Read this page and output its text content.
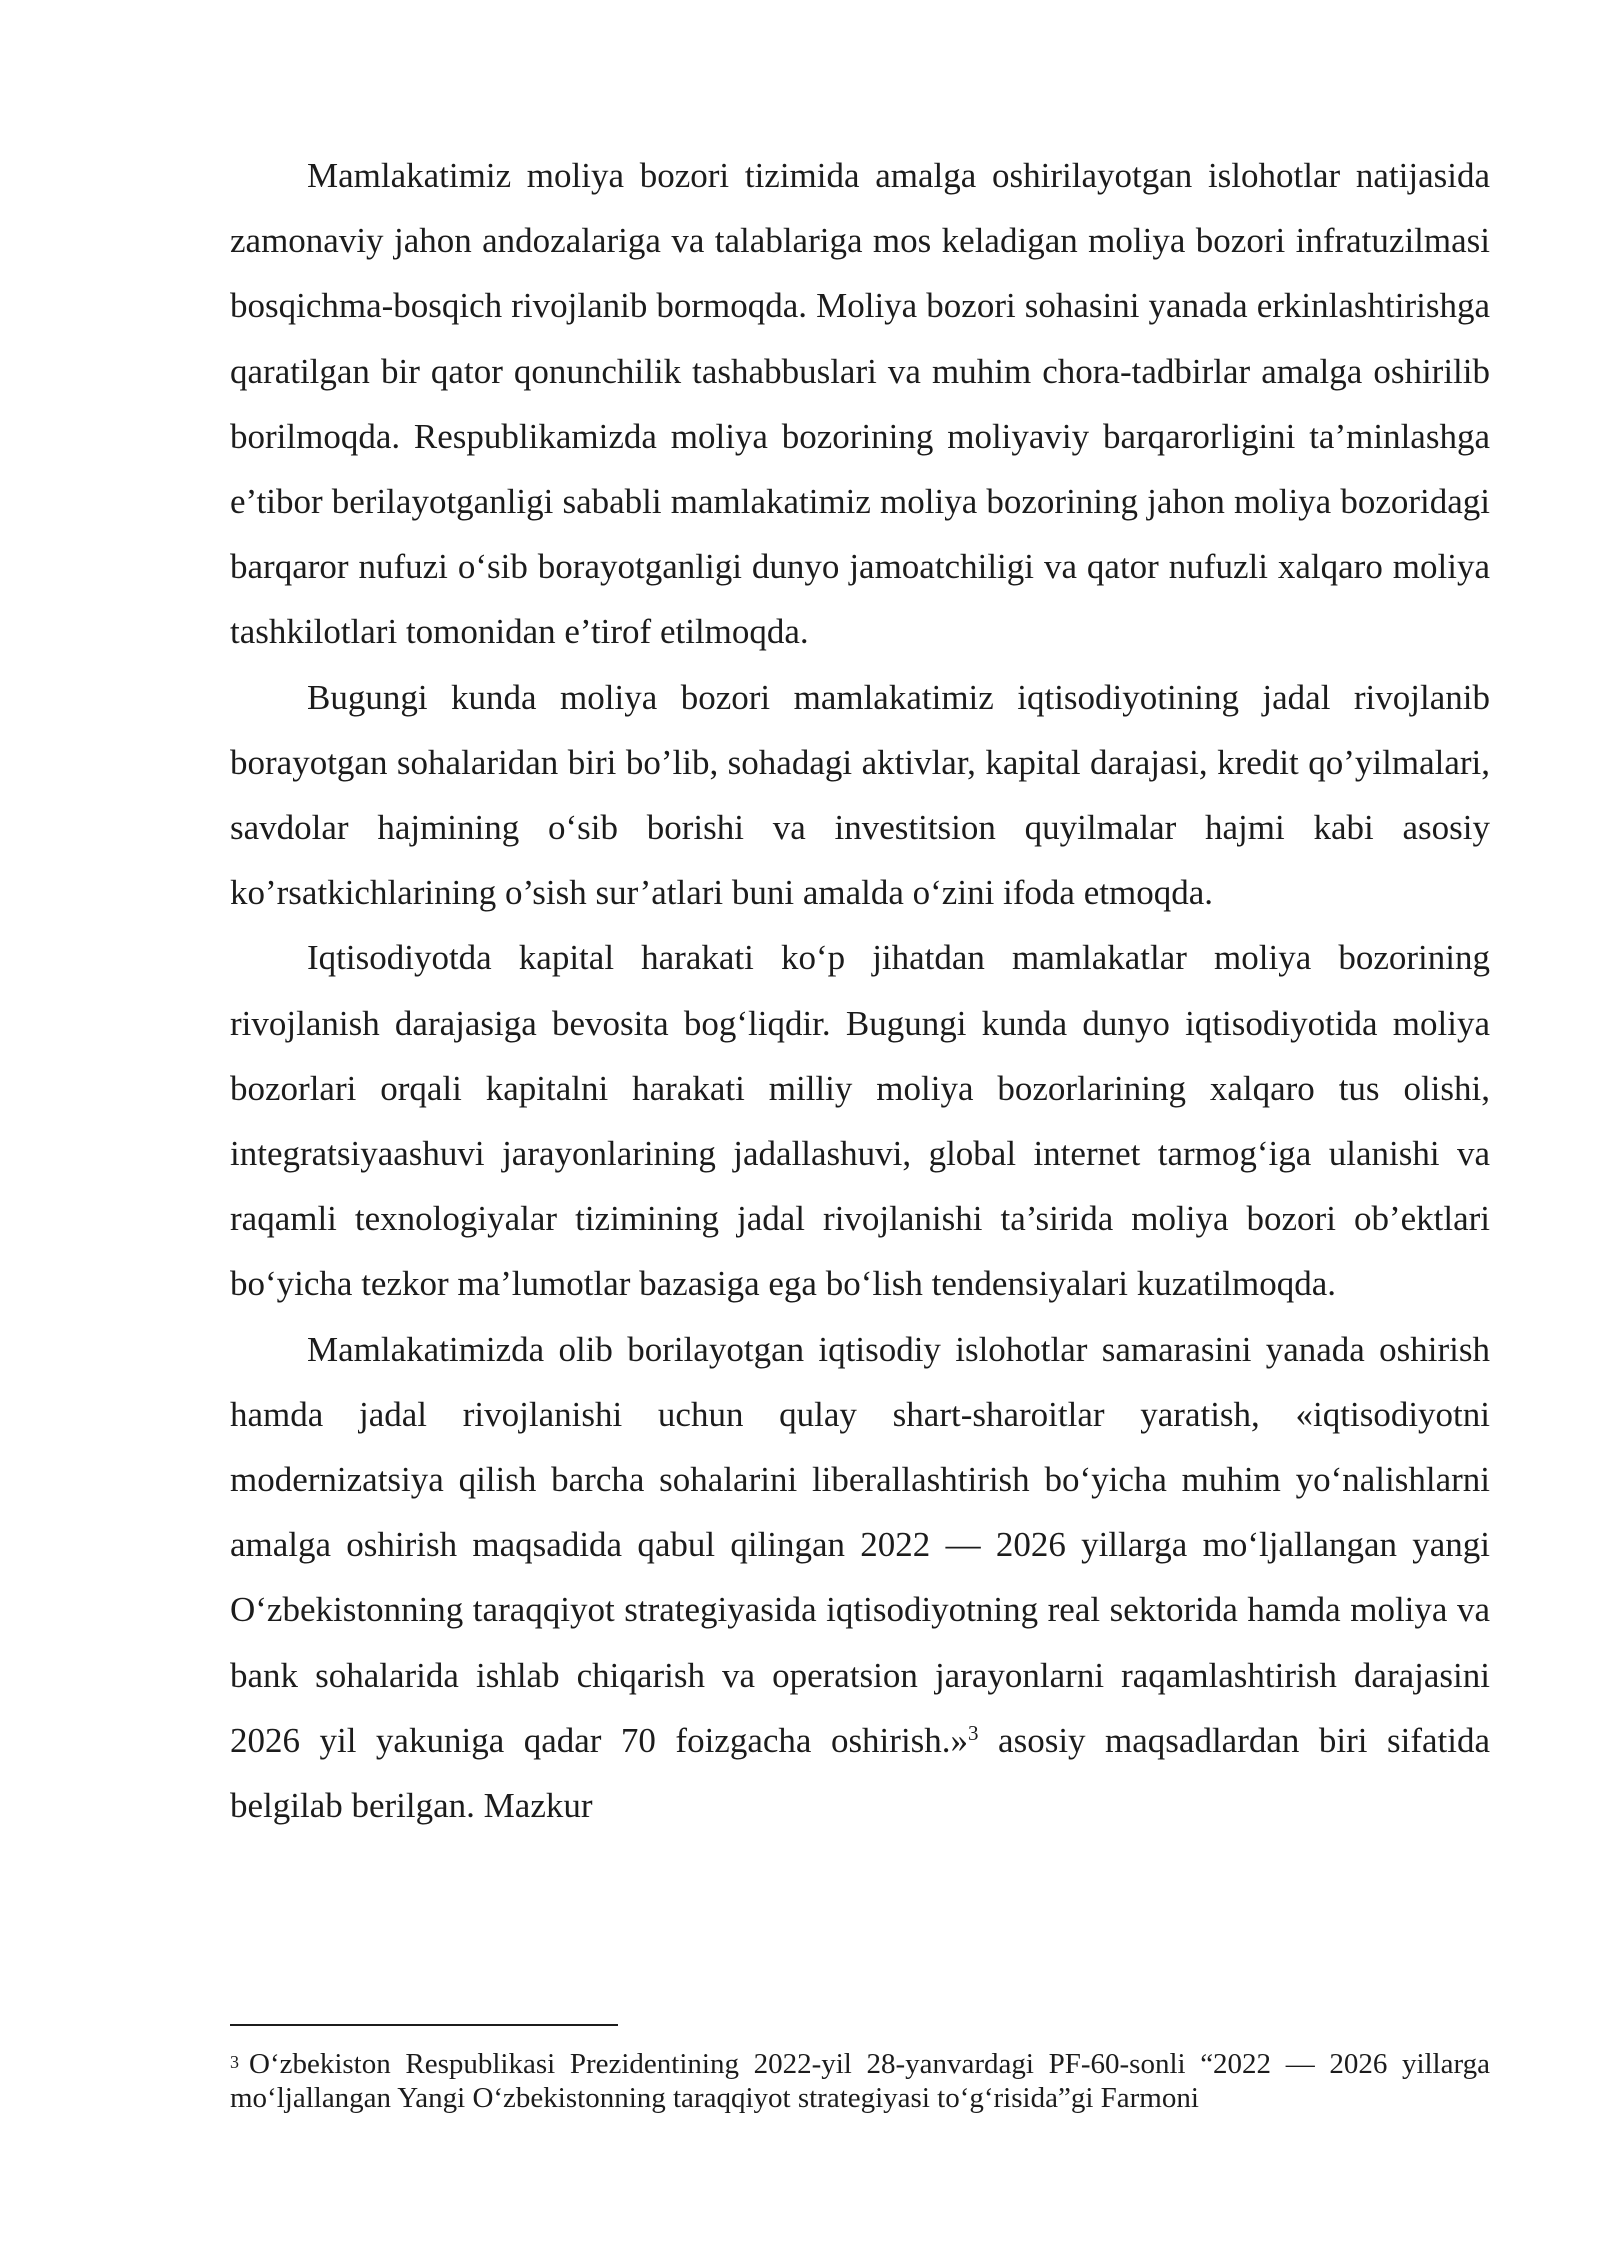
Mamlakatimiz moliya bozori tizimida amalga oshirilayotgan islohotlar natijasida zamonaviy jahon andozalariga va talablariga mos keladigan moliya bozori infratuzilmasi bosqichma-bosqich rivojlanib bormoqda. Moliya bozori sohasini yanada erkinlashtirishga qaratilgan bir qator qonunchilik tashabbuslari va muhim chora-tadbirlar amalga oshirilib borilmoqda. Respublikamizda moliya bozorining moliyaviy barqarorligini ta’minlashga e’tibor berilayotganligi sababli mamlakatimiz moliya bozorining jahon moliya bozoridagi barqaror nufuzi o‘sib borayotganligi dunyo jamoatchiligi va qator nufuzli xalqaro moliya tashkilotlari tomonidan e’tirof etilmoqda.

Bugungi kunda moliya bozori mamlakatimiz iqtisodiyotining jadal rivojlanib borayotgan sohalaridan biri bo’lib, sohadagi aktivlar, kapital darajasi, kredit qo’yilmalari, savdolar hajmining o‘sib borishi va investitsion quyilmalar hajmi kabi asosiy ko’rsatkichlarining o’sish sur’atlari buni amalda o‘zini ifoda etmoqda.

Iqtisodiyotda kapital harakati ko‘p jihatdan mamlakatlar moliya bozorining rivojlanish darajasiga bevosita bog‘liqdir. Bugungi kunda dunyo iqtisodiyotida moliya bozorlari orqali kapitalni harakati milliy moliya bozorlarining xalqaro tus olishi, integratsiyaashuvi jarayonlarining jadallashuvi, global internet tarmog‘iga ulanishi va raqamli texnologiyalar tizimining jadal rivojlanishi ta’sirida moliya bozori ob’ektlari bo‘yicha tezkor ma’lumotlar bazasiga ega bo‘lish tendensiyalari kuzatilmoqda.

Mamlakatimizda olib borilayotgan iqtisodiy islohotlar samarasini yanada oshirish hamda jadal rivojlanishi uchun qulay shart-sharoitlar yaratish, «iqtisodiyotni modernizatsiya qilish barcha sohalarini liberallashtirish bo‘yicha muhim yo‘nalishlarni amalga oshirish maqsadida qabul qilingan 2022 — 2026 yillarga mo‘ljallangan yangi O‘zbekistonning taraqqiyot strategiyasida iqtisodiyotning real sektorida hamda moliya va bank sohalarida ishlab chiqarish va operatsion jarayonlarni raqamlashtirish darajasini 2026 yil yakuniga qadar 70 foizgacha oshirish.»$^3$ asosiy maqsadlardan biri sifatida belgilab berilgan. Mazkur

$^3$ O‘zbekiston Respublikasi Prezidentining 2022-yil 28-yanvardagi PF-60-sonli “2022 — 2026 yillarga mo‘ljallangan Yangi O‘zbekistonning taraqqiyot strategiyasi to‘g‘risida”gi Farmoni
